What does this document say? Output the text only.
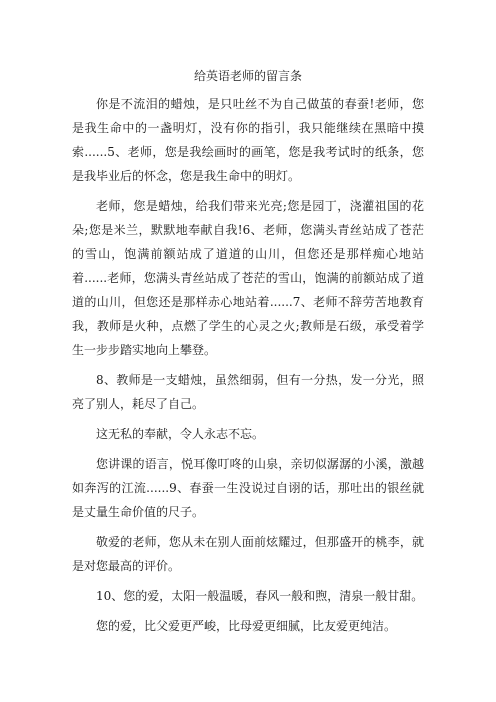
给英语老师的留言条
你是不流泪的蜡烛，是只吐丝不为自己做茧的春蚕!老师，您是我生命中的一盏明灯，没有你的指引，我只能继续在黑暗中摸索......5、老师，您是我绘画时的画笔，您是我考试时的纸条，您是我毕业后的怀念，您是我生命中的明灯。
老师，您是蜡烛，给我们带来光亮;您是园丁，浇灌祖国的花朵;您是米兰，默默地奉献自我!6、老师，您满头青丝站成了苍茫的雪山，饱满前额站成了道道的山川，但您还是那样痴心地站着......老师，您满头青丝站成了苍茫的雪山，饱满的前额站成了道道的山川，但您还是那样赤心地站着......7、老师不辞劳苦地教育我，教师是火种，点燃了学生的心灵之火;教师是石级，承受着学生一步步踏实地向上攀登。
8、教师是一支蜡烛，虽然细弱，但有一分热，发一分光，照亮了别人，耗尽了自己。
这无私的奉献，令人永志不忘。
您讲课的语言，悦耳像叮咚的山泉，亲切似潺潺的小溪，激越如奔泻的江流......9、春蚕一生没说过自诩的话，那吐出的银丝就是丈量生命价值的尺子。
敬爱的老师，您从未在别人面前炫耀过，但那盛开的桃李，就是对您最高的评价。
10、您的爱，太阳一般温暖，春风一般和煦，清泉一般甘甜。
您的爱，比父爱更严峻，比母爱更细腻，比友爱更纯洁。
